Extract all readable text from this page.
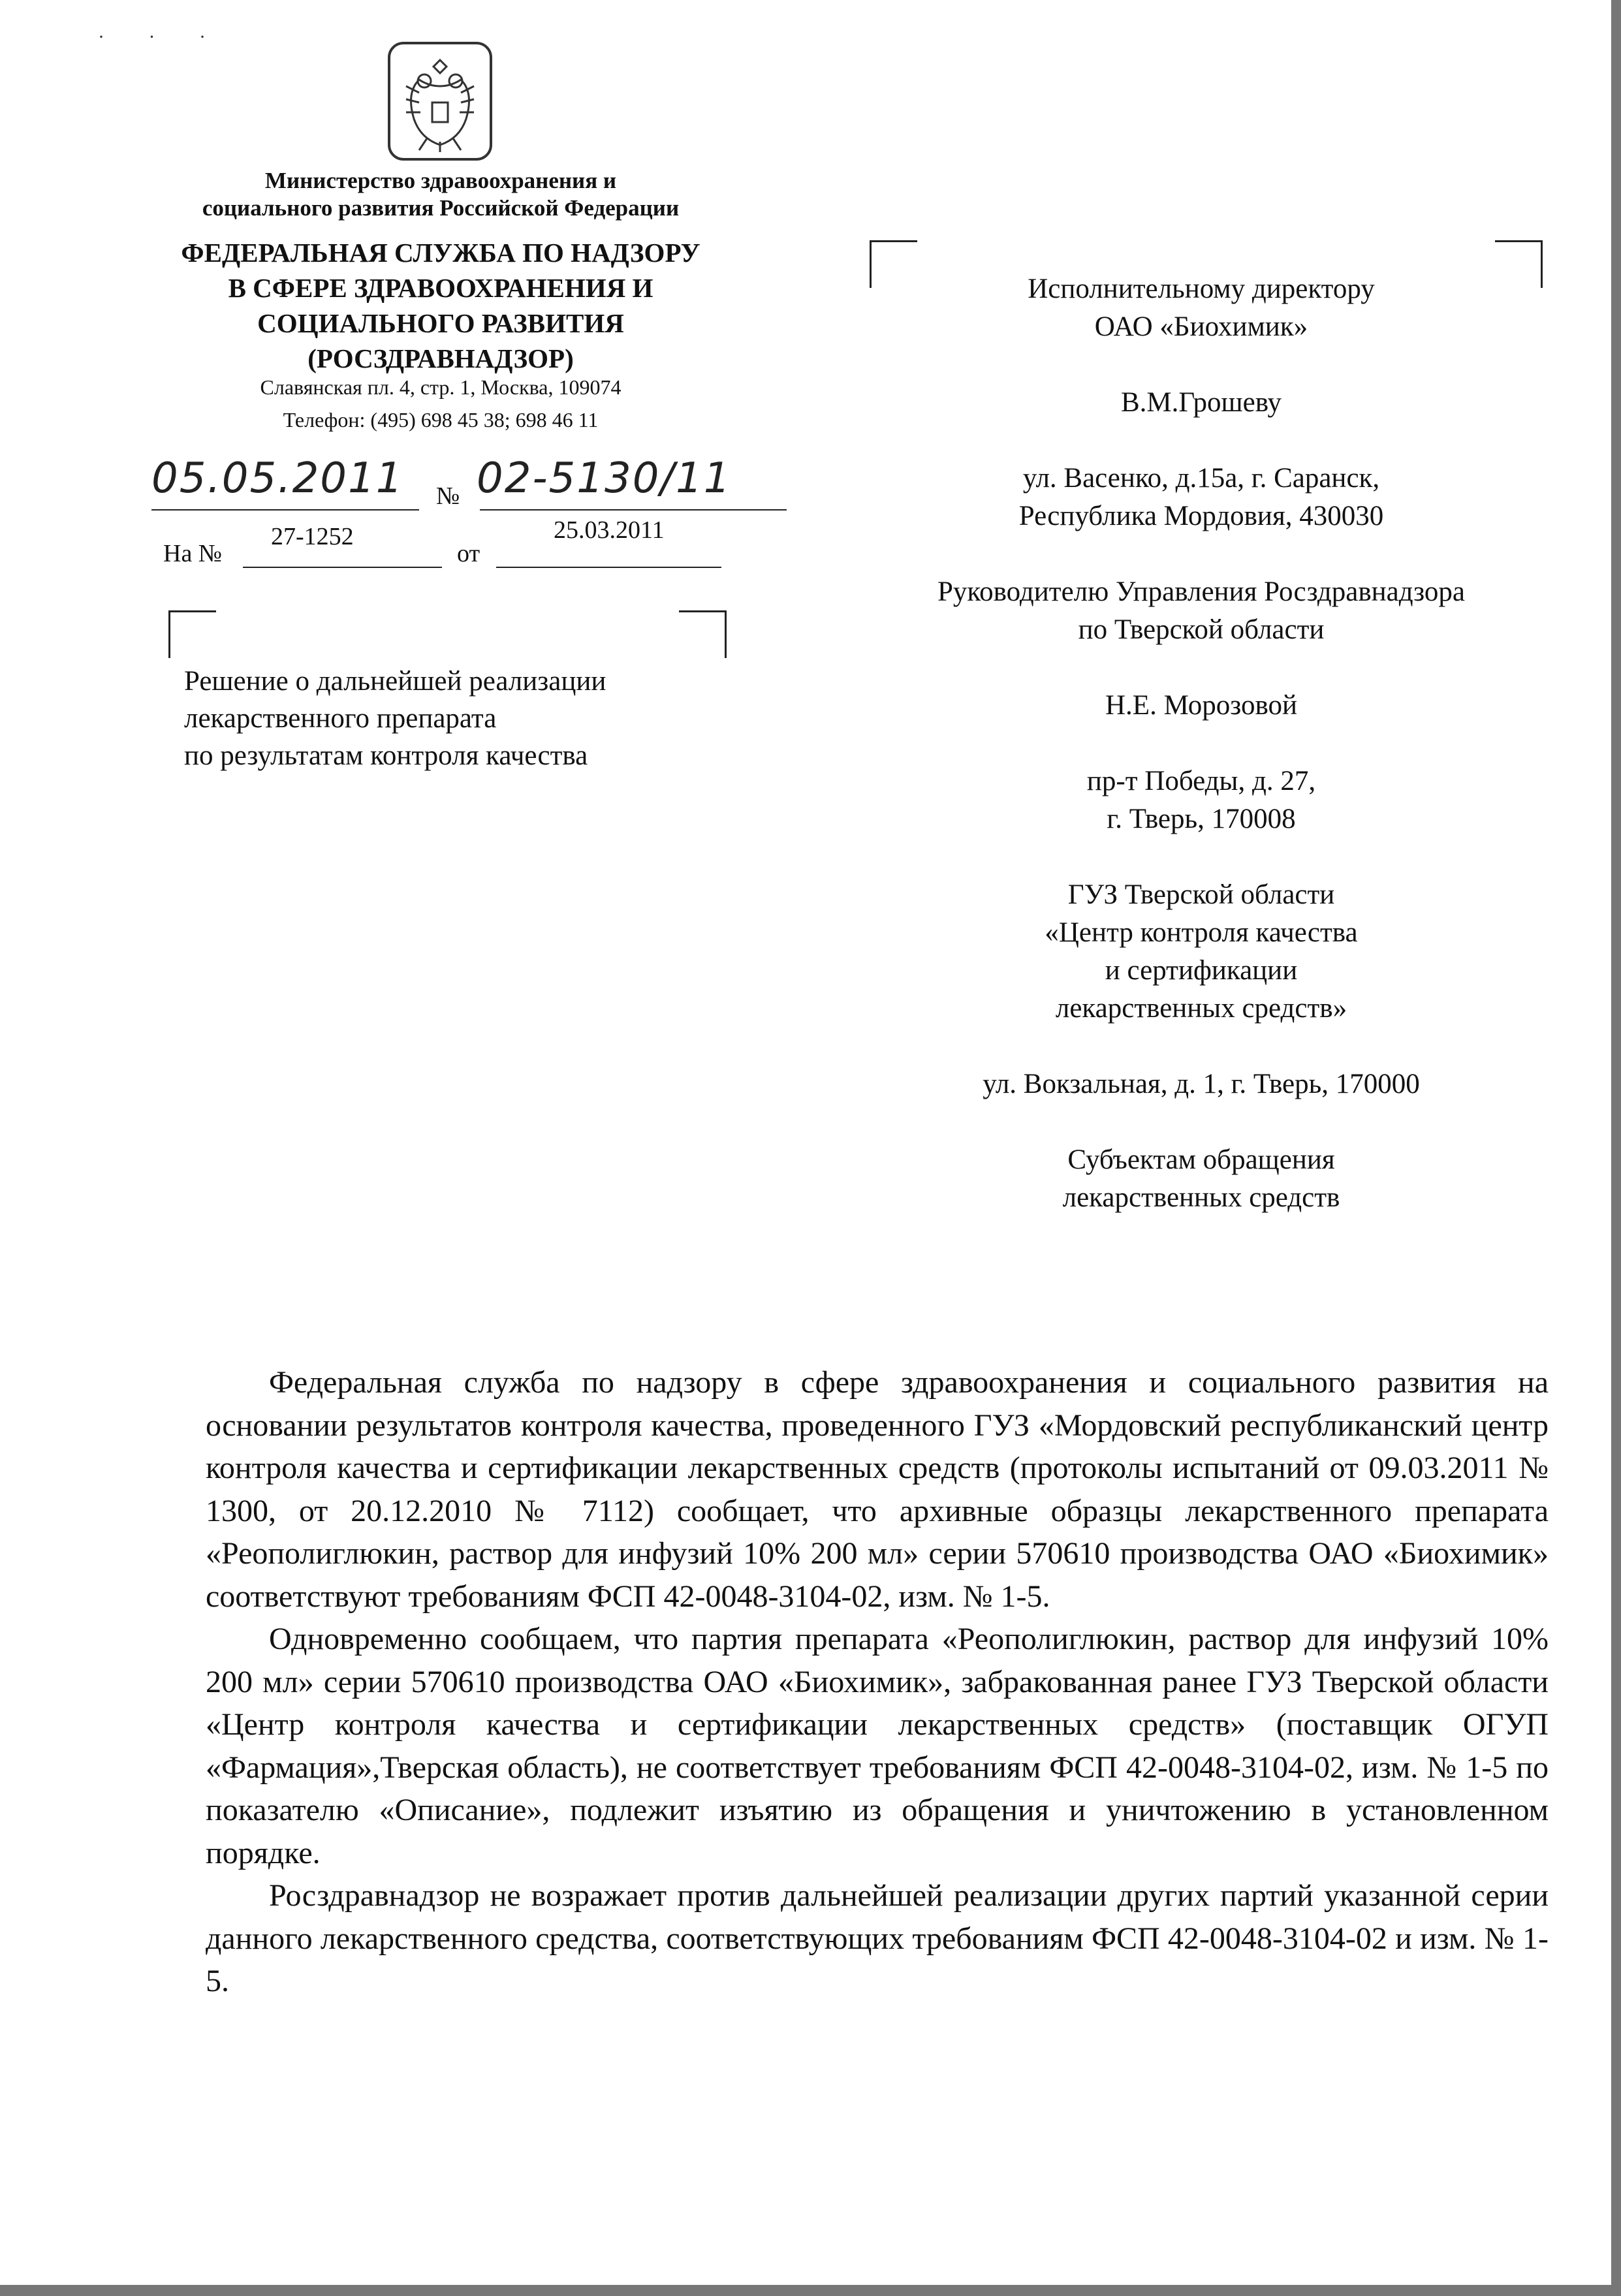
· · ·
Министерство здравоохранения и
социального развития Российской Федерации
ФЕДЕРАЛЬНАЯ СЛУЖБА ПО НАДЗОРУ
В СФЕРЕ ЗДРАВООХРАНЕНИЯ И
СОЦИАЛЬНОГО РАЗВИТИЯ
(РОСЗДРАВНАДЗОР)
Славянская пл. 4, стр. 1, Москва, 109074
Телефон: (495) 698 45 38; 698 46 11
05.05.2011 № 02-5130/11
На №
27-1252
от
25.03.2011
Решение о дальнейшей реализации
лекарственного препарата
по результатам контроля качества

Исполнительному директору
ОАО «Биохимик»

В.М.Грошеву

ул. Васенко, д.15а, г. Саранск,
Республика Мордовия, 430030

Руководителю Управления Росздравнадзора
по Тверской области

Н.Е. Морозовой

пр-т Победы, д. 27,
г. Тверь, 170008

ГУЗ Тверской области
«Центр контроля качества
и сертификации
лекарственных средств»

ул. Вокзальная, д. 1, г. Тверь, 170000

Субъектам обращения
лекарственных средств

Федеральная служба по надзору в сфере здравоохранения и социального развития на основании результатов контроля качества, проведенного ГУЗ «Мордовский республиканский центр контроля качества и сертификации лекарственных средств (протоколы испытаний от 09.03.2011 № 1300, от 20.12.2010 № 7112) сообщает, что архивные образцы лекарственного препарата «Реополиглюкин, раствор для инфузий 10% 200 мл» серии 570610 производства ОАО «Биохимик» соответствуют требованиям ФСП 42-0048-3104-02, изм. № 1-5.

Одновременно сообщаем, что партия препарата «Реополиглюкин, раствор для инфузий 10% 200 мл» серии 570610 производства ОАО «Биохимик», забракованная ранее ГУЗ Тверской области «Центр контроля качества и сертификации лекарственных средств» (поставщик ОГУП «Фармация»,Тверская область), не соответствует требованиям ФСП 42-0048-3104-02, изм. № 1-5 по показателю «Описание», подлежит изъятию из обращения и уничтожению в установленном порядке.

Росздравнадзор не возражает против дальнейшей реализации других партий указанной серии данного лекарственного средства, соответствующих требованиям ФСП 42-0048-3104-02 и изм. № 1-5.
